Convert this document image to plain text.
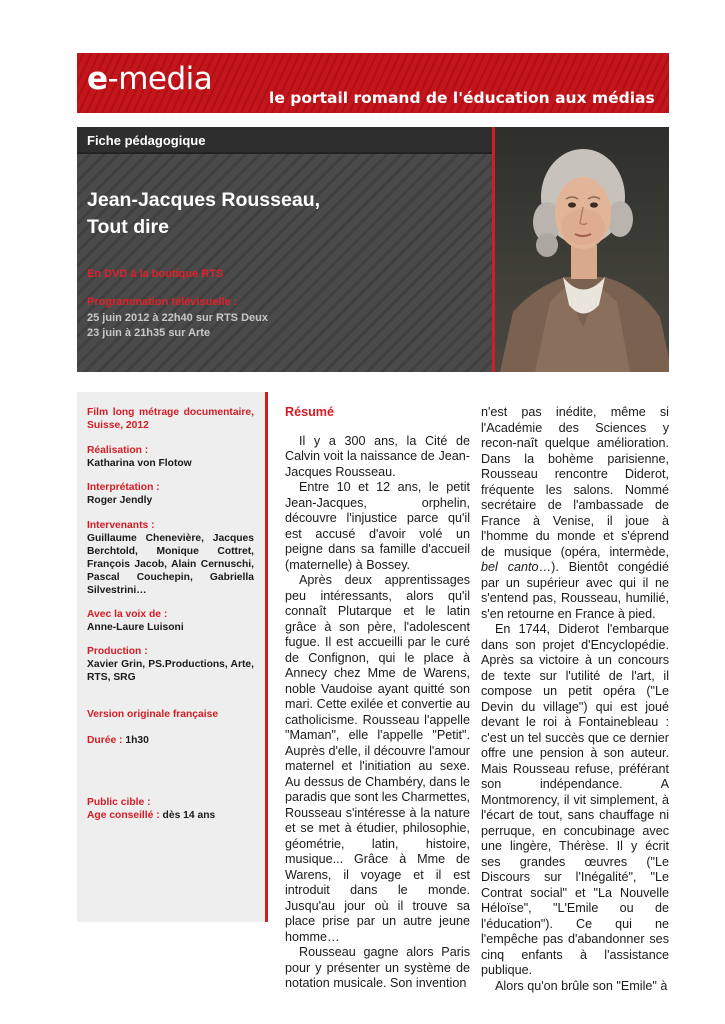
e-media
le portail romand de l'éducation aux médias
Fiche pédagogique
Jean-Jacques Rousseau,
Tout dire
En DVD à la boutique RTS
Programmation télévisuelle :
25 juin 2012 à 22h40 sur RTS Deux
23 juin à 21h35 sur Arte
Film long métrage documentaire, Suisse, 2012
Réalisation :
Katharina von Flotow
Interprétation :
Roger Jendly
Intervenants :
Guillaume Chenevière, Jacques Berchtold, Monique Cottret, François Jacob, Alain Cernuschi, Pascal Couchepin, Gabriella Silvestrini…
Avec la voix de :
Anne-Laure Luisoni
Production :
Xavier Grin, PS.Productions, Arte, RTS, SRG
Version originale française
Durée : 1h30
Public cible :
Age conseillé : dès 14 ans
Résumé

Il y a 300 ans, la Cité de Calvin voit la naissance de Jean-Jacques Rousseau.

Entre 10 et 12 ans, le petit Jean-Jacques, orphelin, découvre l'injustice parce qu'il est accusé d'avoir volé un peigne dans sa famille d'accueil (maternelle) à Bossey.

Après deux apprentissages peu intéressants, alors qu'il connaît Plutarque et le latin grâce à son père, l'adolescent fugue. Il est accueilli par le curé de Confignon, qui le place à Annecy chez Mme de Warens, noble Vaudoise ayant quitté son mari. Cette exilée et convertie au catholicisme. Rousseau l'appelle "Maman", elle l'appelle "Petit". Auprès d'elle, il découvre l'amour maternel et l'initiation au sexe. Au dessus de Chambéry, dans le paradis que sont les Charmettes, Rousseau s'intéresse à la nature et se met à étudier, philosophie, géométrie, latin, histoire, musique... Grâce à Mme de Warens, il voyage et il est introduit dans le monde. Jusqu'au jour où il trouve sa place prise par un autre jeune homme…

Rousseau gagne alors Paris pour y présenter un système de notation musicale. Son invention

n'est pas inédite, même si l'Académie des Sciences y recon-naît quelque amélioration. Dans la bohème parisienne, Rousseau rencontre Diderot, fréquente les salons. Nommé secrétaire de l'ambassade de France à Venise, il joue à l'homme du monde et s'éprend de musique (opéra, intermède, bel canto…). Bientôt congédié par un supérieur avec qui il ne s'entend pas, Rousseau, humilié, s'en retourne en France à pied.

En 1744, Diderot l'embarque dans son projet d'Encyclopédie. Après sa victoire à un concours de texte sur l'utilité de l'art, il compose un petit opéra ("Le Devin du village") qui est joué devant le roi à Fontainebleau : c'est un tel succès que ce dernier offre une pension à son auteur. Mais Rousseau refuse, préférant son indépendance. A Montmorency, il vit simplement, à l'écart de tout, sans chauffage ni perruque, en concubinage avec une lingère, Thérèse. Il y écrit ses grandes œuvres ("Le Discours sur l'Inégalité", "Le Contrat social" et "La Nouvelle Héloïse", "L'Emile ou de l'éducation"). Ce qui ne l'empêche pas d'abandonner ses cinq enfants à l'assistance publique.

Alors qu'on brûle son "Emile" à
